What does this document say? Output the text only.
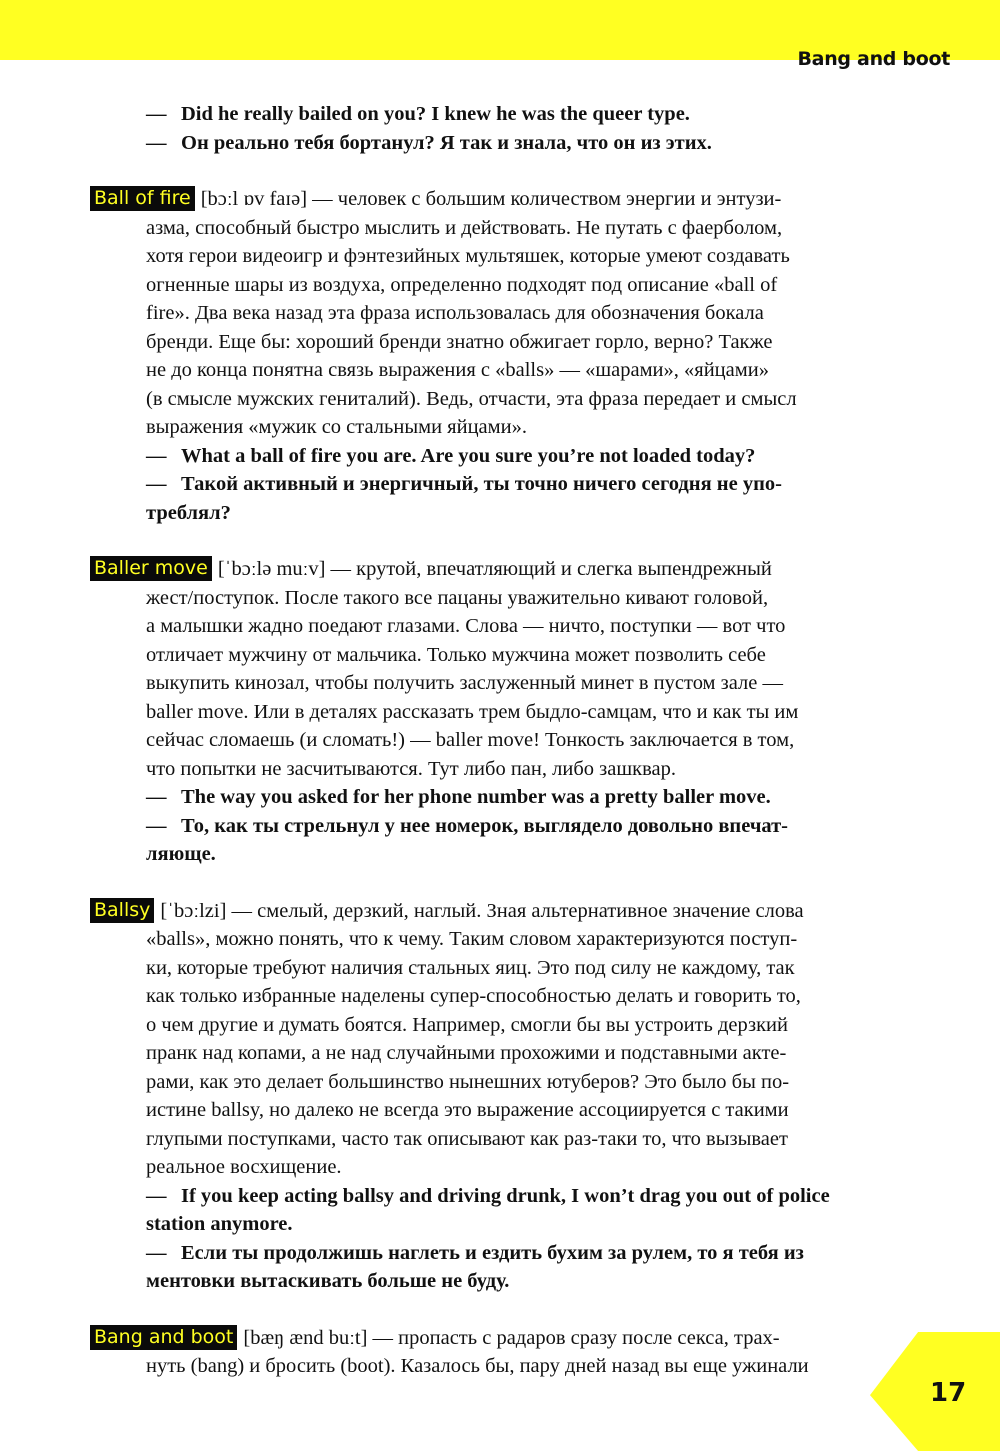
Bang and boot
— Did he really bailed on you? I knew he was the queer type.
— Он реально тебя бортанул? Я так и знала, что он из этих.
Ball of fire [bɔːl ɒv faɪə] — человек с большим количеством энергии и энтузи-
азма, способный быстро мыслить и действовать. Не путать с фаерболом,
хотя герои видеоигр и фэнтезийных мультяшек, которые умеют создавать
огненные шары из воздуха, определенно подходят под описание «ball of
fire». Два века назад эта фраза использовалась для обозначения бокала
бренди. Еще бы: хороший бренди знатно обжигает горло, верно? Также
не до конца понятна связь выражения с «balls» — «шарами», «яйцами»
(в смысле мужских гениталий). Ведь, отчасти, эта фраза передает и смысл
выражения «мужик со стальными яйцами».
— What a ball of fire you are. Are you sure you’re not loaded today?
— Такой активный и энергичный, ты точно ничего сегодня не упо-
треблял?
Baller move [ˈbɔːlə muːv] — крутой, впечатляющий и слегка выпендрежный
жест/поступок. После такого все пацаны уважительно кивают головой,
а малышки жадно поедают глазами. Слова — ничто, поступки — вот что
отличает мужчину от мальчика. Только мужчина может позволить себе
выкупить кинозал, чтобы получить заслуженный минет в пустом зале —
baller move. Или в деталях рассказать трем быдло-самцам, что и как ты им
сейчас сломаешь (и сломать!) — baller move! Тонкость заключается в том,
что попытки не засчитываются. Тут либо пан, либо зашквар.
— The way you asked for her phone number was a pretty baller move.
— То, как ты стрельнул у нее номерок, выглядело довольно впечат-
ляюще.
Ballsy [ˈbɔːlzi] — смелый, дерзкий, наглый. Зная альтернативное значение слова
«balls», можно понять, что к чему. Таким словом характеризуются поступ-
ки, которые требуют наличия стальных яиц. Это под силу не каждому, так
как только избранные наделены супер-способностью делать и говорить то,
о чем другие и думать боятся. Например, смогли бы вы устроить дерзкий
пранк над копами, а не над случайными прохожими и подставными акте-
рами, как это делает большинство нынешних ютуберов? Это было бы по-
истине ballsy, но далеко не всегда это выражение ассоциируется с такими
глупыми поступками, часто так описывают как раз-таки то, что вызывает
реальное восхищение.
— If you keep acting ballsy and driving drunk, I won’t drag you out of police
station anymore.
— Если ты продолжишь наглеть и ездить бухим за рулем, то я тебя из
ментовки вытаскивать больше не буду.
Bang and boot [bæŋ ænd buːt] — пропасть с радаров сразу после секса, трах-
нуть (bang) и бросить (boot). Казалось бы, пару дней назад вы еще ужинали
17
